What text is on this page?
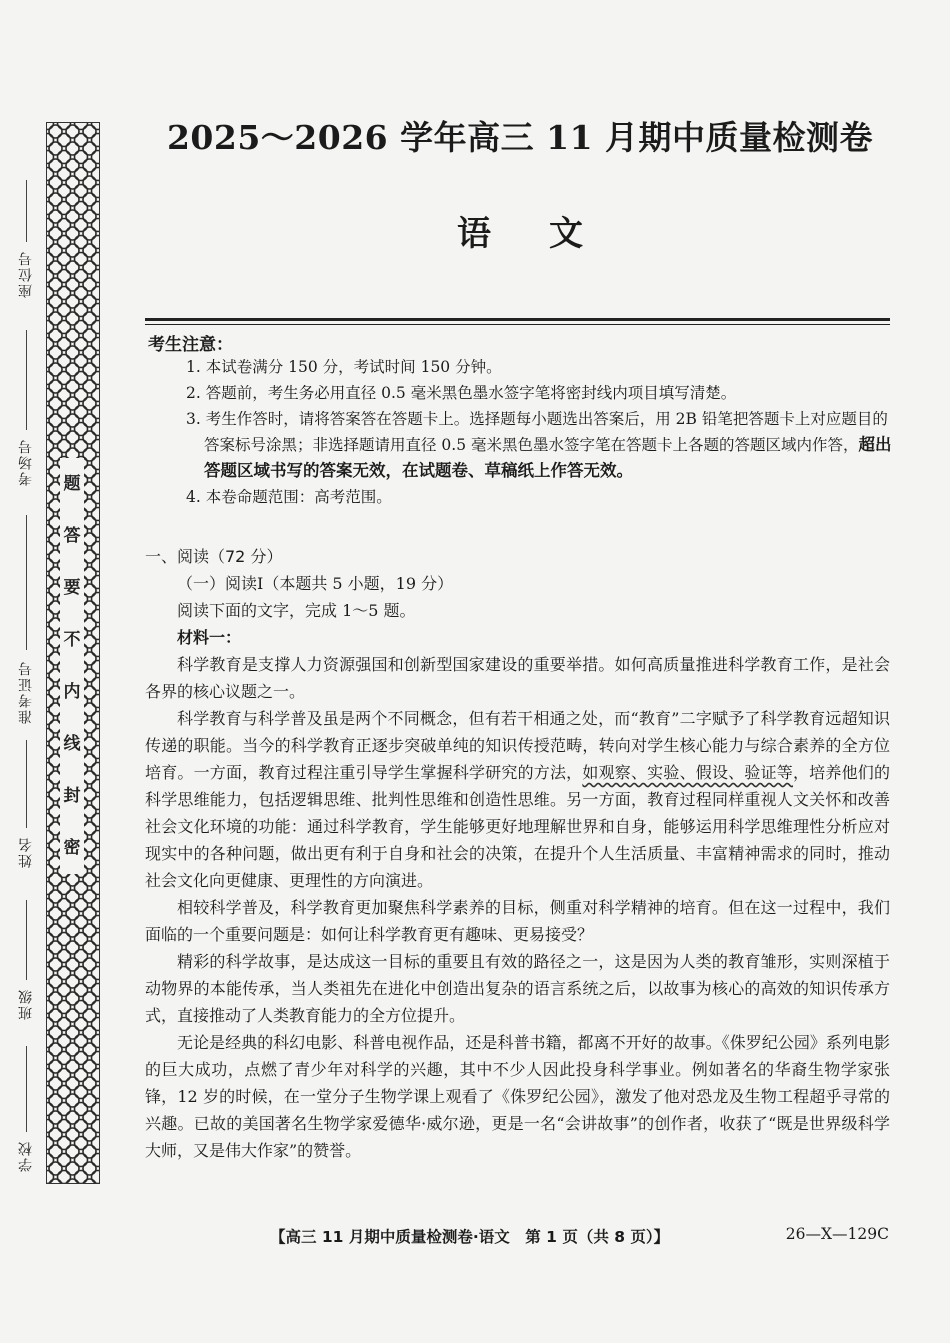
题
答
要
不
内
线
封
密
座位号
考场号
准考证号
姓名
班级
学校
2025～2026 学年高三 11 月期中质量检测卷
语文
考生注意：

1. 本试卷满分 150 分，考试时间 150 分钟。

2. 答题前，考生务必用直径 0.5 毫米黑色墨水签字笔将密封线内项目填写清楚。

3. 考生作答时，请将答案答在答题卡上。选择题每小题选出答案后，用 2B 铅笔把答题卡上对应题目的答案标号涂黑；非选择题请用直径 0.5 毫米黑色墨水签字笔在答题卡上各题的答题区域内作答，超出答题区域书写的答案无效，在试题卷、草稿纸上作答无效。

4. 本卷命题范围：高考范围。

一、阅读（72 分）

（一）阅读Ⅰ（本题共 5 小题，19 分）

阅读下面的文字，完成 1～5 题。

材料一：

科学教育是支撑人力资源强国和创新型国家建设的重要举措。如何高质量推进科学教育工作，是社会各界的核心议题之一。

科学教育与科学普及虽是两个不同概念，但有若干相通之处，而“教育”二字赋予了科学教育远超知识传递的职能。当今的科学教育正逐步突破单纯的知识传授范畴，转向对学生核心能力与综合素养的全方位培育。一方面，教育过程注重引导学生掌握科学研究的方法，如观察、实验、假设、验证等，培养他们的科学思维能力，包括逻辑思维、批判性思维和创造性思维。另一方面，教育过程同样重视人文关怀和改善社会文化环境的功能：通过科学教育，学生能够更好地理解世界和自身，能够运用科学思维理性分析应对现实中的各种问题，做出更有利于自身和社会的决策，在提升个人生活质量、丰富精神需求的同时，推动社会文化向更健康、更理性的方向演进。

相较科学普及，科学教育更加聚焦科学素养的目标，侧重对科学精神的培育。但在这一过程中，我们面临的一个重要问题是：如何让科学教育更有趣味、更易接受？

精彩的科学故事，是达成这一目标的重要且有效的路径之一，这是因为人类的教育雏形，实则深植于动物界的本能传承，当人类祖先在进化中创造出复杂的语言系统之后，以故事为核心的高效的知识传承方式，直接推动了人类教育能力的全方位提升。

无论是经典的科幻电影、科普电视作品，还是科普书籍，都离不开好的故事。《侏罗纪公园》系列电影的巨大成功，点燃了青少年对科学的兴趣，其中不少人因此投身科学事业。例如著名的华裔生物学家张锋，12 岁的时候，在一堂分子生物学课上观看了《侏罗纪公园》，激发了他对恐龙及生物工程超乎寻常的兴趣。已故的美国著名生物学家爱德华·威尔逊，更是一名“会讲故事”的创作者，收获了“既是世界级科学大师，又是伟大作家”的赞誉。

【高三 11 月期中质量检测卷·语文　第 1 页（共 8 页）】	26—X—129C
